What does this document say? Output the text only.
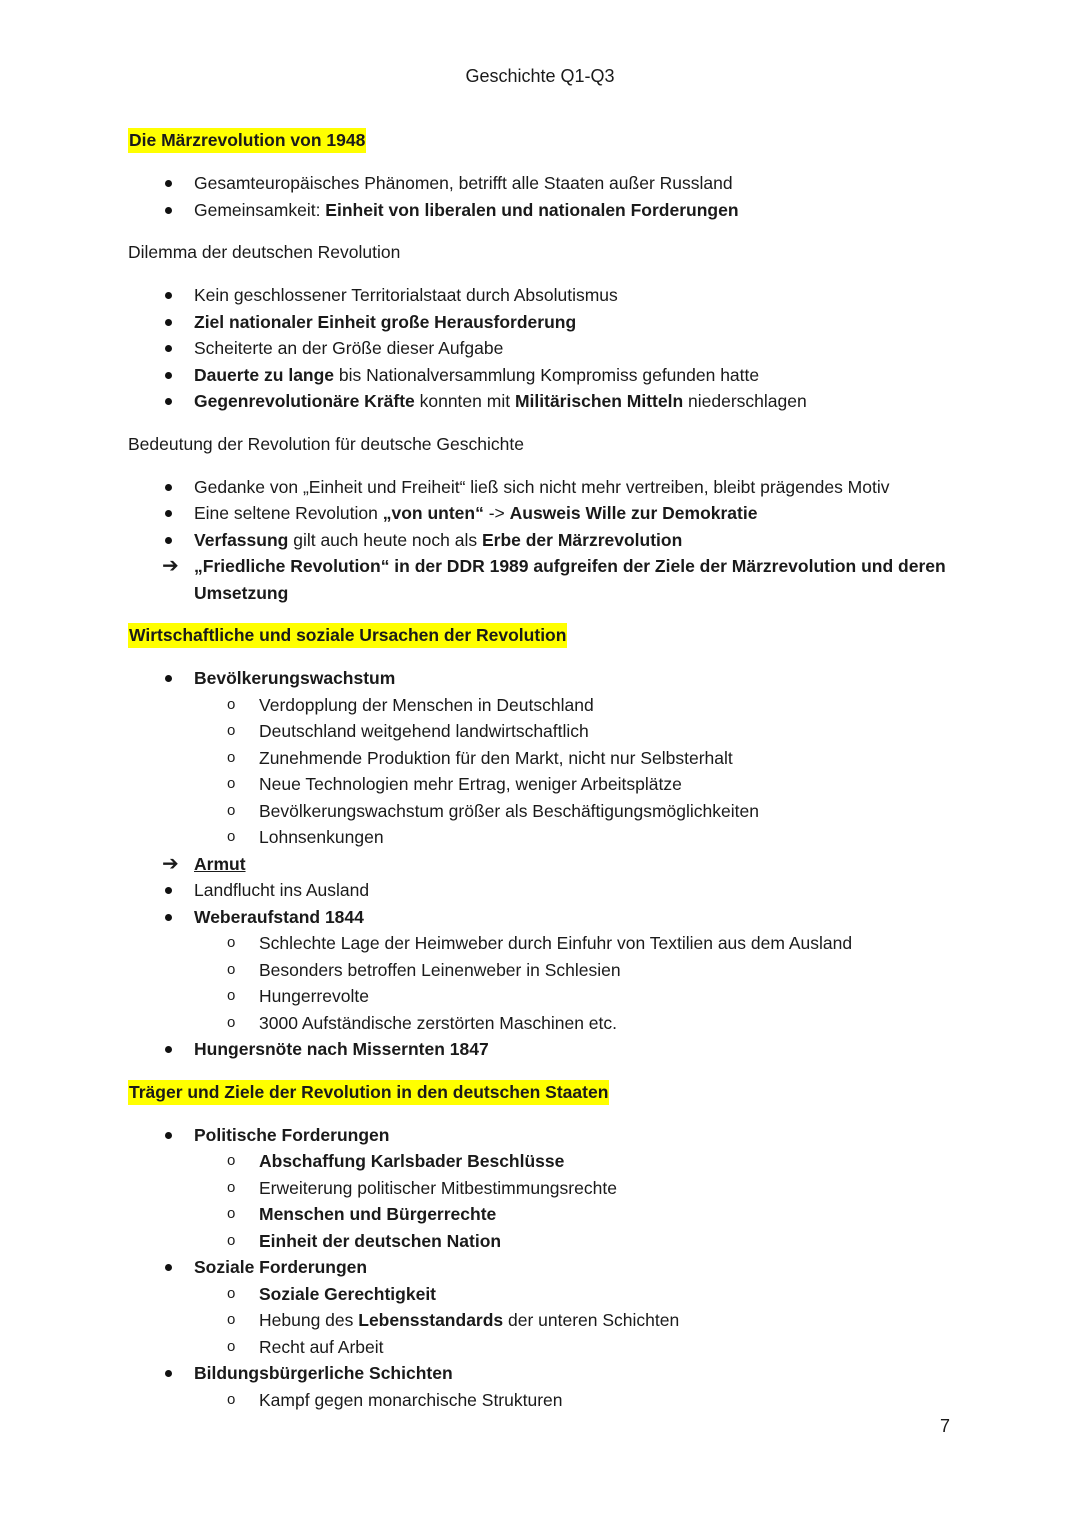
Geschichte Q1-Q3
Die Märzrevolution von 1948
Gesamteuropäisches Phänomen, betrifft alle Staaten außer Russland
Gemeinsamkeit: Einheit von liberalen und nationalen Forderungen
Dilemma der deutschen Revolution
Kein geschlossener Territorialstaat durch Absolutismus
Ziel nationaler Einheit große Herausforderung
Scheiterte an der Größe dieser Aufgabe
Dauerte zu lange bis Nationalversammlung Kompromiss gefunden hatte
Gegenrevolutionäre Kräfte konnten mit Militärischen Mitteln niederschlagen
Bedeutung der Revolution für deutsche Geschichte
Gedanke von „Einheit und Freiheit“ ließ sich nicht mehr vertreiben, bleibt prägendes Motiv
Eine seltene Revolution „von unten“ -> Ausweis Wille zur Demokratie
Verfassung gilt auch heute noch als Erbe der Märzrevolution
➔ „Friedliche Revolution“ in der DDR 1989 aufgreifen der Ziele der Märzrevolution und deren Umsetzung
Wirtschaftliche und soziale Ursachen der Revolution
Bevölkerungswachstum
o	Verdopplung der Menschen in Deutschland
o	Deutschland weitgehend landwirtschaftlich
o	Zunehmende Produktion für den Markt, nicht nur Selbsterhalt
o	Neue Technologien mehr Ertrag, weniger Arbeitsplätze
o	Bevölkerungswachstum größer als Beschäftigungsmöglichkeiten
o	Lohnsenkungen
➔ Armut
Landflucht ins Ausland
Weberaufstand 1844
o	Schlechte Lage der Heimweber durch Einfuhr von Textilien aus dem Ausland
o	Besonders betroffen Leinenweber in Schlesien
o	Hungerrevolte
o	3000 Aufständische zerstörten Maschinen etc.
Hungersnöte nach Missernten 1847
Träger und Ziele der Revolution in den deutschen Staaten
Politische Forderungen
o	Abschaffung Karlsbader Beschlüsse
o	Erweiterung politischer Mitbestimmungsrechte
o	Menschen und Bürgerrechte
o	Einheit der deutschen Nation
Soziale Forderungen
o	Soziale Gerechtigkeit
o	Hebung des Lebensstandards der unteren Schichten
o	Recht auf Arbeit
Bildungsbürgerliche Schichten
o	Kampf gegen monarchische Strukturen
7
